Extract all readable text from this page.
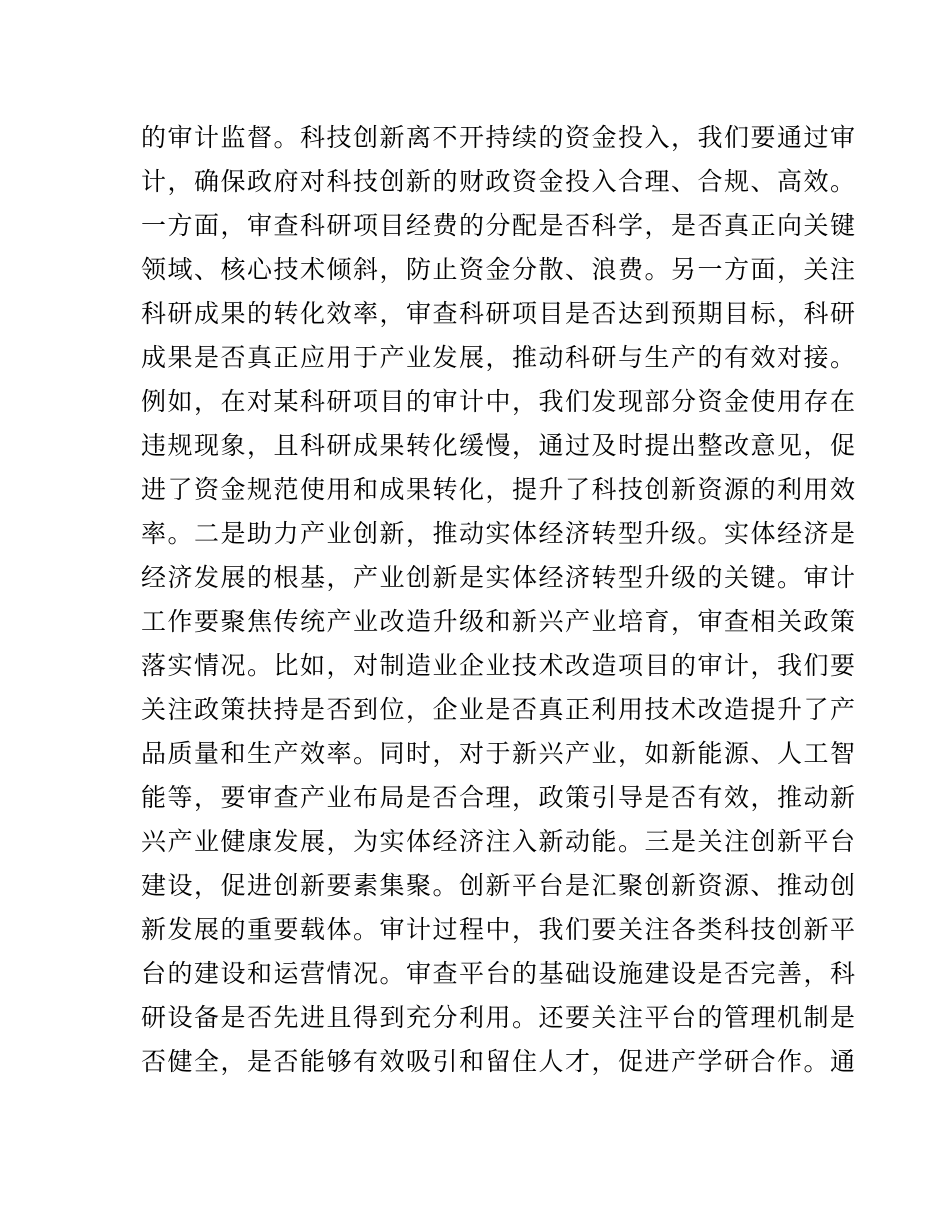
的审计监督。科技创新离不开持续的资金投入，我们要通过审
计，确保政府对科技创新的财政资金投入合理、合规、高效。
一方面，审查科研项目经费的分配是否科学，是否真正向关键
领域、核心技术倾斜，防止资金分散、浪费。另一方面，关注
科研成果的转化效率，审查科研项目是否达到预期目标，科研
成果是否真正应用于产业发展，推动科研与生产的有效对接。
例如，在对某科研项目的审计中，我们发现部分资金使用存在
违规现象，且科研成果转化缓慢，通过及时提出整改意见，促
进了资金规范使用和成果转化，提升了科技创新资源的利用效
率。二是助力产业创新，推动实体经济转型升级。实体经济是
经济发展的根基，产业创新是实体经济转型升级的关键。审计
工作要聚焦传统产业改造升级和新兴产业培育，审查相关政策
落实情况。比如，对制造业企业技术改造项目的审计，我们要
关注政策扶持是否到位，企业是否真正利用技术改造提升了产
品质量和生产效率。同时，对于新兴产业，如新能源、人工智
能等，要审查产业布局是否合理，政策引导是否有效，推动新
兴产业健康发展，为实体经济注入新动能。三是关注创新平台
建设，促进创新要素集聚。创新平台是汇聚创新资源、推动创
新发展的重要载体。审计过程中，我们要关注各类科技创新平
台的建设和运营情况。审查平台的基础设施建设是否完善，科
研设备是否先进且得到充分利用。还要关注平台的管理机制是
否健全，是否能够有效吸引和留住人才，促进产学研合作。通
